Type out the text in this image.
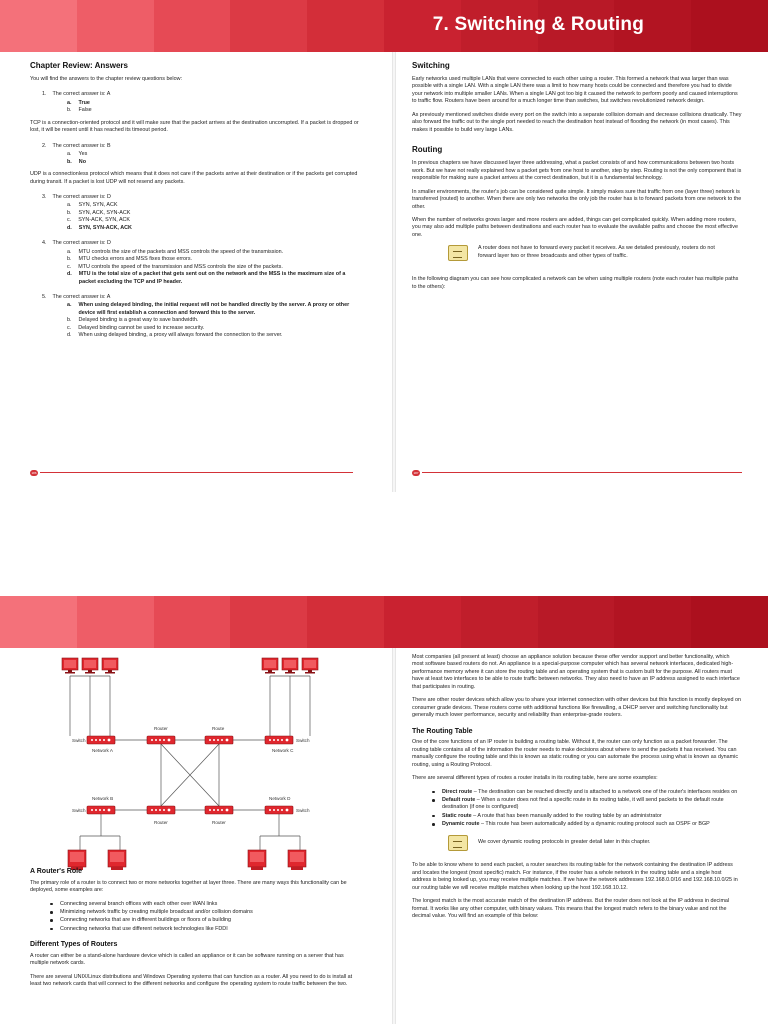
7. Switching & Routing
Chapter Review: Answers

You will find the answers to the chapter review questions below:

1. The correct answer is: A
a. True
b. False

TCP is a connection-oriented protocol and it will make sure that the packet arrives at the destination uncorrupted. If a packet is dropped or lost, it will be resent until it has reached its timeout period.

2. The correct answer is: B
a. Yes
b. No

UDP is a connectionless protocol which means that it does not care if the packets arrive at their destination or if the packets get corrupted during transit. If a packet is lost UDP will not resend any packets.

3. The correct answer is: D
a. SYN, SYN, ACK
b. SYN, ACK, SYN-ACK
c. SYN-ACK, SYN, ACK
d. SYN, SYN-ACK, ACK
4. The correct answer is: D
a. MTU controls the size of the packets and MSS controls the speed of the transmission.
b. MTU checks errors and MSS fixes those errors.
c. MTU controls the speed of the transmission and MSS controls the size of the packets.
d. MTU is the total size of a packet that gets sent out on the network and the MSS is the maximum size of a packet excluding the TCP and IP header.
5. The correct answer is: A
a. When using delayed binding, the initial request will not be handled directly by the server. A proxy or other device will first establish a connection and forward this to the server.
b. Delayed binding is a great way to save bandwidth.
c. Delayed binding cannot be used to increase security.
d. When using delayed binding, a proxy will always forward the connection to the server.
186
Switching

Early networks used multiple LANs that were connected to each other using a router. This formed a network that was larger than was possible with a single LAN. With a single LAN there was a limit to how many hosts could be connected and therefore you had to divide your network into multiple smaller LANs. When a single LAN got too big it caused the network to perform poorly and caused interruptions to traffic flow. Routers have been around for a much longer time than switches, but switches revolutionized network design.

As previously mentioned switches divide every port on the switch into a separate collision domain and decrease collisions drastically. They also forward the traffic out to the single port needed to reach the destination host instead of flooding the network (in most cases). This makes it possible to build very large LANs.

Routing

In previous chapters we have discussed layer three addressing, what a packet consists of and how communications between two hosts work. But we have not really explained how a packet gets from one host to another, step by step. Routing is not the only component that is responsible for making sure a packet arrives at the correct destination, but it is a fundamental technology.

In smaller environments, the router's job can be considered quite simple. It simply makes sure that traffic from one (layer three) network is transferred (routed) to another. When there are only two networks the only job the router has is to forward packets from one network to the other.

When the number of networks grows larger and more routers are added, things can get complicated quickly. When adding more routers, you may also add multiple paths between destinations and each router has to evaluate the available paths and choose the most effective one.

A router does not have to forward every packet it receives. As we detailed previously, routers do not forward layer two or three broadcasts and other types of traffic.

In the following diagram you can see how complicated a network can be when using multiple routers (note each router has multiple paths to the others):

187
Router	Route
Switch
Network A
Switch
Network C
Network B
Switch
Network D
Switch
Router	Router
A Router's Role

The primary role of a router is to connect two or more networks together at layer three. There are many ways this functionality can be deployed, some examples are:

Connecting several branch offices with each other over WAN links
Minimizing network traffic by creating multiple broadcast and/or collision domains
Connecting networks that are in different buildings or floors of a building
Connecting networks that use different network technologies like FDDI
Different Types of Routers

A router can either be a stand-alone hardware device which is called an appliance or it can be software running on a server that has multiple network cards.

There are several UNIX/Linux distributions and Windows Operating systems that can function as a router. All you need to do is install at least two network cards that will connect to the different networks and configure the operating system to route traffic between the two.

Most companies (all present at least) choose an appliance solution because these offer vendor support and better functionality, which most software based routers do not. An appliance is a special-purpose computer which has several network interfaces, dedicated high-performance memory where it can store the routing table and an operating system that is custom built for the purpose. All routers must have at least two interfaces to be able to route traffic between networks. They also need to have an IP address assigned to each interface that participates in routing.

There are other router devices which allow you to share your internet connection with other devices but this function is mostly deployed on consumer grade devices. These routers come with additional functions like firewalling, a DHCP server and switching functionality but generally much lower performance, security and reliability than enterprise-grade routers.

The Routing Table

One of the core functions of an IP router is building a routing table. Without it, the router can only function as a packet forwarder. The routing table contains all of the information the router needs to make decisions about where to send the packets it has received. You can manually configure the routing table and this is known as static routing or you can automate the process using what is known as dynamic routing, using a Routing Protocol.

There are several different types of routes a router installs in its routing table, here are some examples:

Direct route – The destination can be reached directly and is attached to a network one of the router's interfaces resides on
Default route – When a router does not find a specific route in its routing table, it will send packets to the default route destination (if one is configured)
Static route – A route that has been manually added to the routing table by an administrator
Dynamic route – This route has been automatically added by a dynamic routing protocol such as OSPF or BGP

We cover dynamic routing protocols in greater detail later in this chapter.

To be able to know where to send each packet, a router searches its routing table for the network containing the destination IP address and locates the longest (most specific) match. For instance, if the router has a whole network in the routing table and a single host address is being looked up, you may receive multiple matches. If we have the network addresses 192.168.0.0/16 and 192.168.10.0/25 in our routing table we will receive multiple matches when looking up the host 192.168.10.12.

The longest match is the most accurate match of the destination IP address. But the router does not look at the IP address in decimal format. It works like any other computer, with binary values. This means that the longest match refers to the binary value and not the decimal value. You will find an example of this below:
